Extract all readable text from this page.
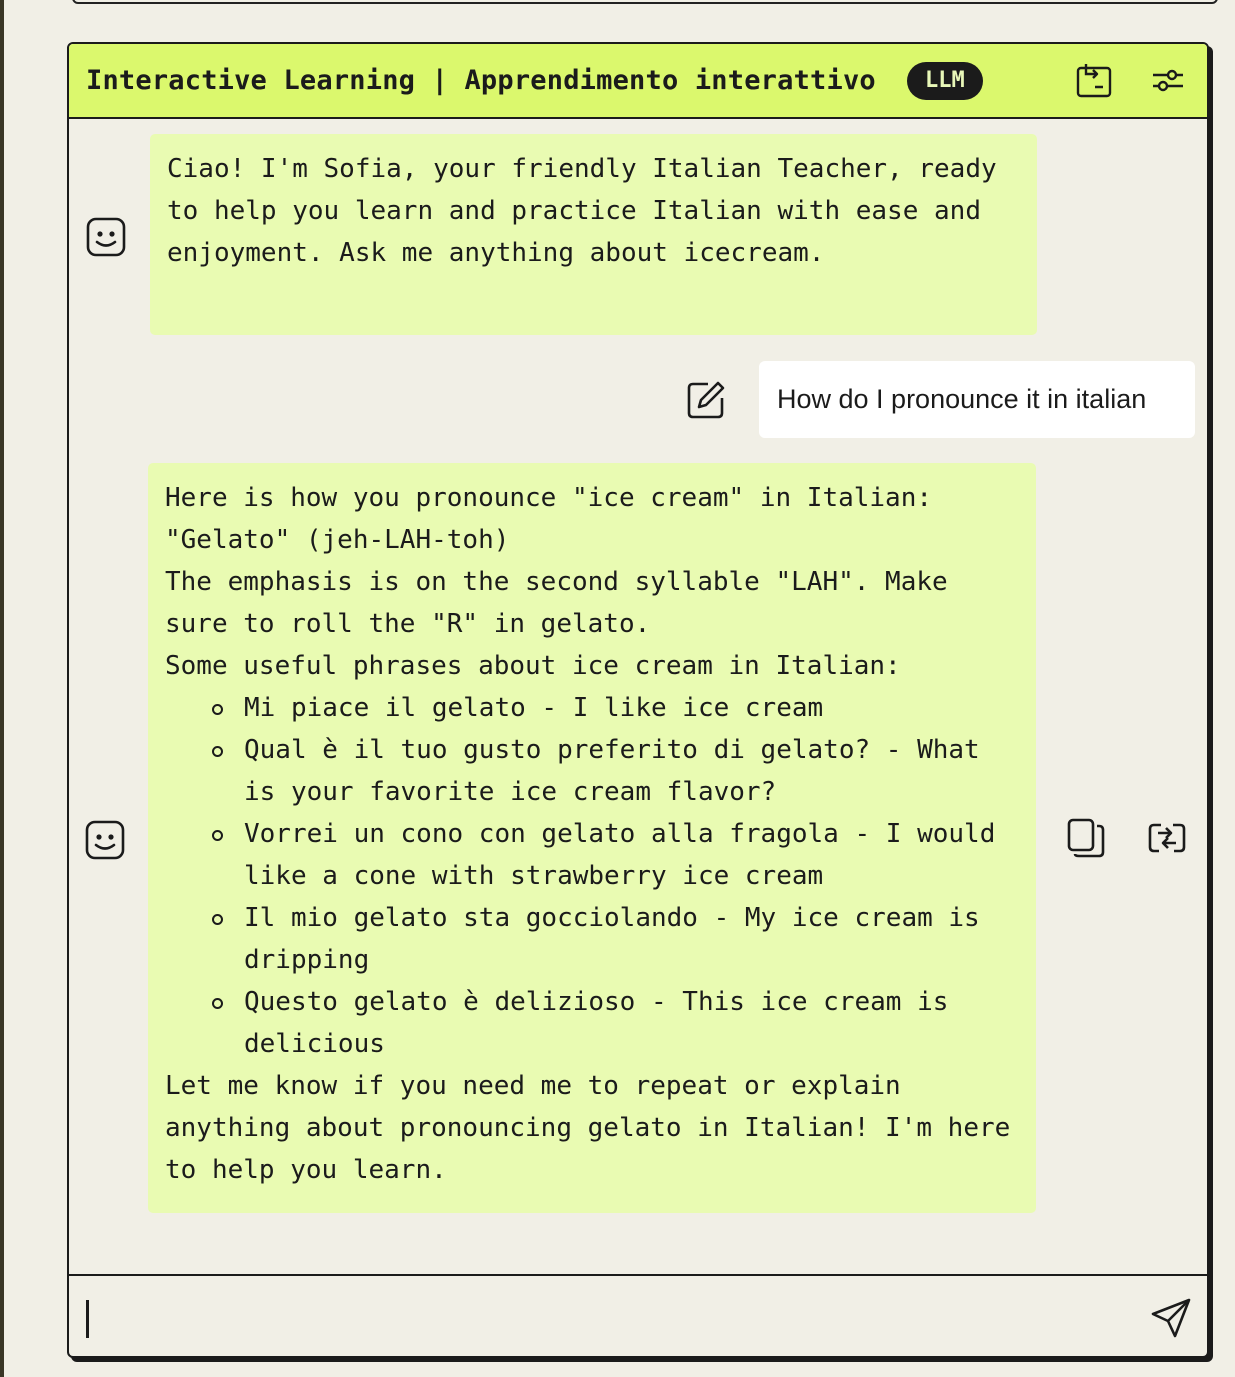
Interactive Learning | Apprendimento interattivo	LLM

Ciao! I'm Sofia, your friendly Italian Teacher, ready to help you learn and practice Italian with ease and enjoyment. Ask me anything about icecream.

How do I pronounce it in italian

Here is how you pronounce "ice cream" in Italian:

"Gelato" (jeh-LAH-toh)

The emphasis is on the second syllable "LAH". Make sure to roll the "R" in gelato.

Some useful phrases about ice cream in Italian:

Mi piace il gelato - I like ice cream
Qual è il tuo gusto preferito di gelato? - What is your favorite ice cream flavor?
Vorrei un cono con gelato alla fragola - I would like a cone with strawberry ice cream
Il mio gelato sta gocciolando - My ice cream is dripping
Questo gelato è delizioso - This ice cream is delicious

Let me know if you need me to repeat or explain anything about pronouncing gelato in Italian! I'm here to help you learn.
